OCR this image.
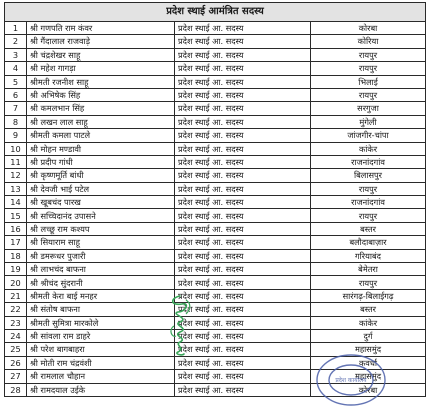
प्रदेश स्थाई आमंत्रित सदस्य			
1	श्री गणपति राम कंवर	प्रदेश स्थाई आ. सदस्य	कोरबा
2	श्री गैंदालाल राजवाड़े	प्रदेश स्थाई आ. सदस्य	कोरिया
3	श्री चंद्रशेखर साहू	प्रदेश स्थाई आ. सदस्य	रायपुर
4	श्री महेश गागड़ा	प्रदेश स्थाई आ. सदस्य	रायपुर
5	श्रीमती रजनीश साहू	प्रदेश स्थाई आ. सदस्य	भिलाई
6	श्री अभिषेक सिंह	प्रदेश स्थाई आ. सदस्य	रायपुर
7	श्री कमलभान सिंह	प्रदेश स्थाई आ. सदस्य	सरगुजा
8	श्री लखन लाल साहू	प्रदेश स्थाई आ. सदस्य	मुंगेली
9	श्रीमती कमला पाटले	प्रदेश स्थाई आ. सदस्य	जांजगीर-चांपा
10	श्री मोहन मण्डावी	प्रदेश स्थाई आ. सदस्य	कांकेर
11	श्री प्रदीप गांधी	प्रदेश स्थाई आ. सदस्य	राजनांदगांव
12	श्री कृष्णमूर्ति बांधी	प्रदेश स्थाई आ. सदस्य	बिलासपुर
13	श्री देवजी भाई पटेल	प्रदेश स्थाई आ. सदस्य	रायपुर
14	श्री खूबचंद पारख	प्रदेश स्थाई आ. सदस्य	राजनांदगांव
15	श्री सच्चिदानंद उपासने	प्रदेश स्थाई आ. सदस्य	रायपुर
16	श्री लच्छू राम कश्यप	प्रदेश स्थाई आ. सदस्य	बस्तर
17	श्री सियाराम साहू	प्रदेश स्थाई आ. सदस्य	बलौदाबाज़ार
18	श्री डमरूधर पुजारी	प्रदेश स्थाई आ. सदस्य	गरियाबंद
19	श्री लाभचंद बाफना	प्रदेश स्थाई आ. सदस्य	बेमेतरा
20	श्री श्रीचंद सुंदरानी	प्रदेश स्थाई आ. सदस्य	रायपुर
21	श्रीमती केरा बाई मनहर	प्रदेश स्थाई आ. सदस्य	सारंगढ़-बिलाईगढ़
22	श्री संतोष बाफना	प्रदेश स्थाई आ. सदस्य	बस्तर
23	श्रीमती सुमित्रा मारकोले	प्रदेश स्थाई आ. सदस्य	कांकेर
24	श्री सांवला राम डाहरे	प्रदेश स्थाई आ. सदस्य	दुर्ग
25	श्री परेश बागबाहरा	प्रदेश स्थाई आ. सदस्य	महासमुंद
26	श्री मोती राम चंद्रवंशी	प्रदेश स्थाई आ. सदस्य	कवर्धा
27	श्री रामलाल चौहान	प्रदेश स्थाई आ. सदस्य	महासमुंद
28	श्री रामदयाल उईके	प्रदेश स्थाई आ. सदस्य	कोरबा
प्रदेश कार्यालय
